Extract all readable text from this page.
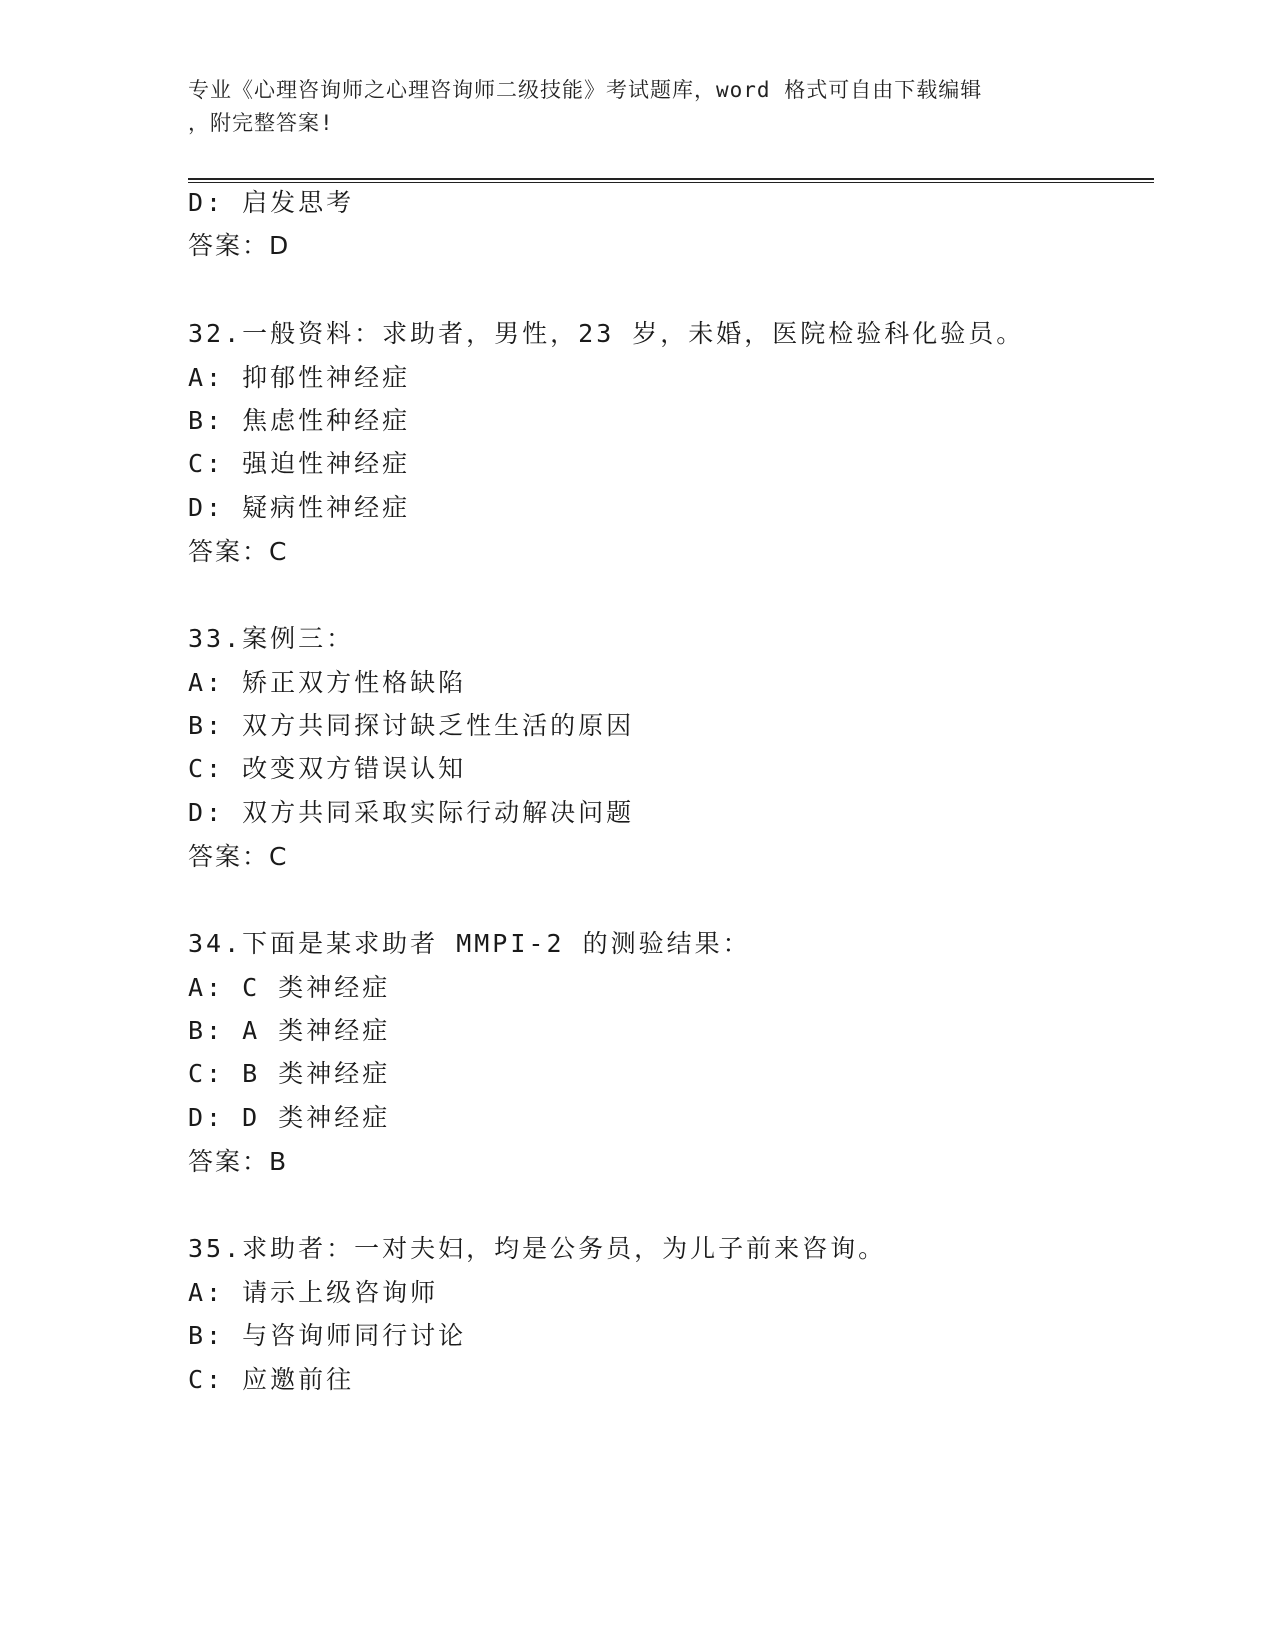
专业《心理咨询师之心理咨询师二级技能》考试题库，word 格式可自由下载编辑
，附完整答案!
D: 启发思考
答案：D
32.一般资料：求助者，男性，23 岁，未婚，医院检验科化验员。
A: 抑郁性神经症
B: 焦虑性种经症
C: 强迫性神经症
D: 疑病性神经症
答案：C
33.案例三：
A: 矫正双方性格缺陷
B: 双方共同探讨缺乏性生活的原因
C: 改变双方错误认知
D: 双方共同采取实际行动解决问题
答案：C
34.下面是某求助者 MMPI-2 的测验结果：
A: C 类神经症
B: A 类神经症
C: B 类神经症
D: D 类神经症
答案：B
35.求助者：一对夫妇，均是公务员，为儿子前来咨询。
A: 请示上级咨询师
B: 与咨询师同行讨论
C: 应邀前往
